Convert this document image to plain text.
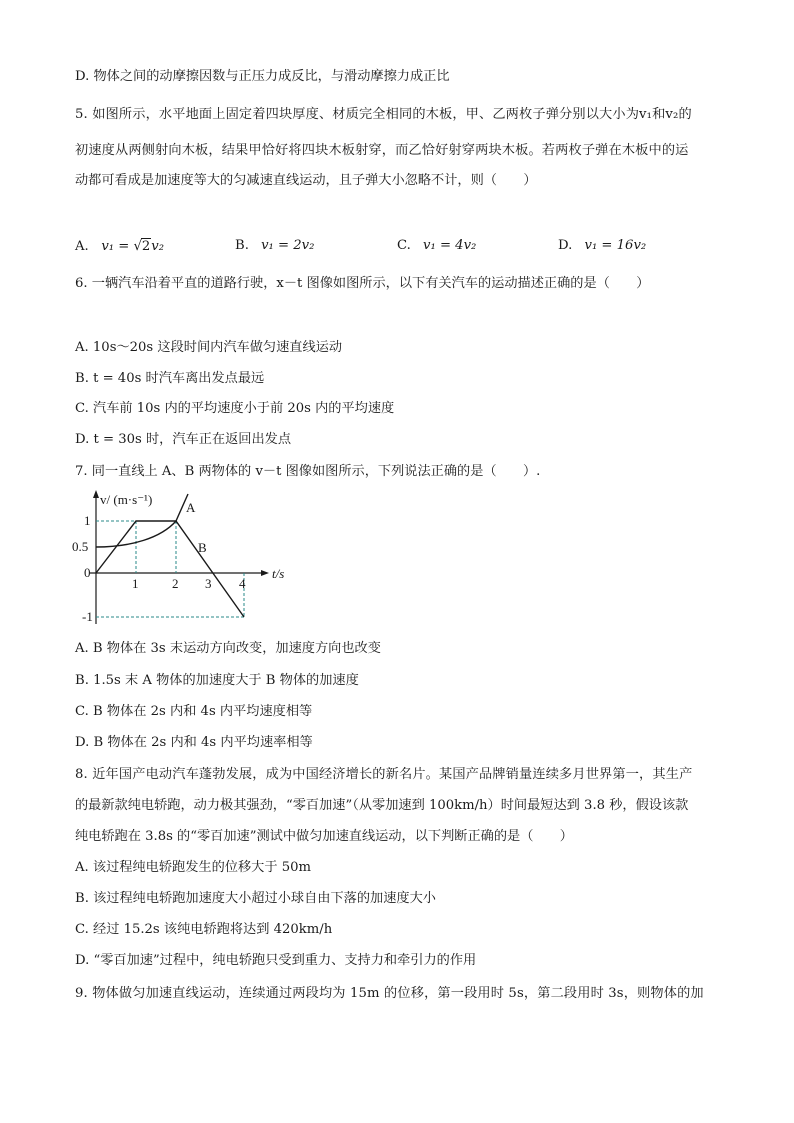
D. 物体之间的动摩擦因数与正压力成反比，与滑动摩擦力成正比
5. 如图所示，水平地面上固定着四块厚度、材质完全相同的木板，甲、乙两枚子弹分别以大小为v₁和v₂的
初速度从两侧射向木板，结果甲恰好将四块木板射穿，而乙恰好射穿两块木板。若两枚子弹在木板中的运
动都可看成是加速度等大的匀减速直线运动，且子弹大小忽略不计，则（　　）
A. v₁ = √2v₂	B. v₁ = 2v₂	C. v₁ = 4v₂	D. v₁ = 16v₂
6. 一辆汽车沿着平直的道路行驶，x－t 图像如图所示，以下有关汽车的运动描述正确的是（　　）
A. 10s～20s 这段时间内汽车做匀速直线运动
B. t = 40s 时汽车离出发点最远
C. 汽车前 10s 内的平均速度小于前 20s 内的平均速度
D. t = 30s 时，汽车正在返回出发点
7. 同一直线上 A、B 两物体的 v－t 图像如图所示，下列说法正确的是（　　）.
v/ (m·s⁻¹)
t/s
1
0.5
0
-1
1	2 3 4
A
B
A. B 物体在 3s 末运动方向改变，加速度方向也改变
B. 1.5s 末 A 物体的加速度大于 B 物体的加速度
C. B 物体在 2s 内和 4s 内平均速度相等
D. B 物体在 2s 内和 4s 内平均速率相等
8. 近年国产电动汽车蓬勃发展，成为中国经济增长的新名片。某国产品牌销量连续多月世界第一，其生产
的最新款纯电轿跑，动力极其强劲，“零百加速”（从零加速到 100km/h）时间最短达到 3.8 秒，假设该款
纯电轿跑在 3.8s 的“零百加速”测试中做匀加速直线运动，以下判断正确的是（　　）
A. 该过程纯电轿跑发生的位移大于 50m
B. 该过程纯电轿跑加速度大小超过小球自由下落的加速度大小
C. 经过 15.2s 该纯电轿跑将达到 420km/h
D. “零百加速”过程中，纯电轿跑只受到重力、支持力和牵引力的作用
9. 物体做匀加速直线运动，连续通过两段均为 15m 的位移，第一段用时 5s，第二段用时 3s，则物体的加
